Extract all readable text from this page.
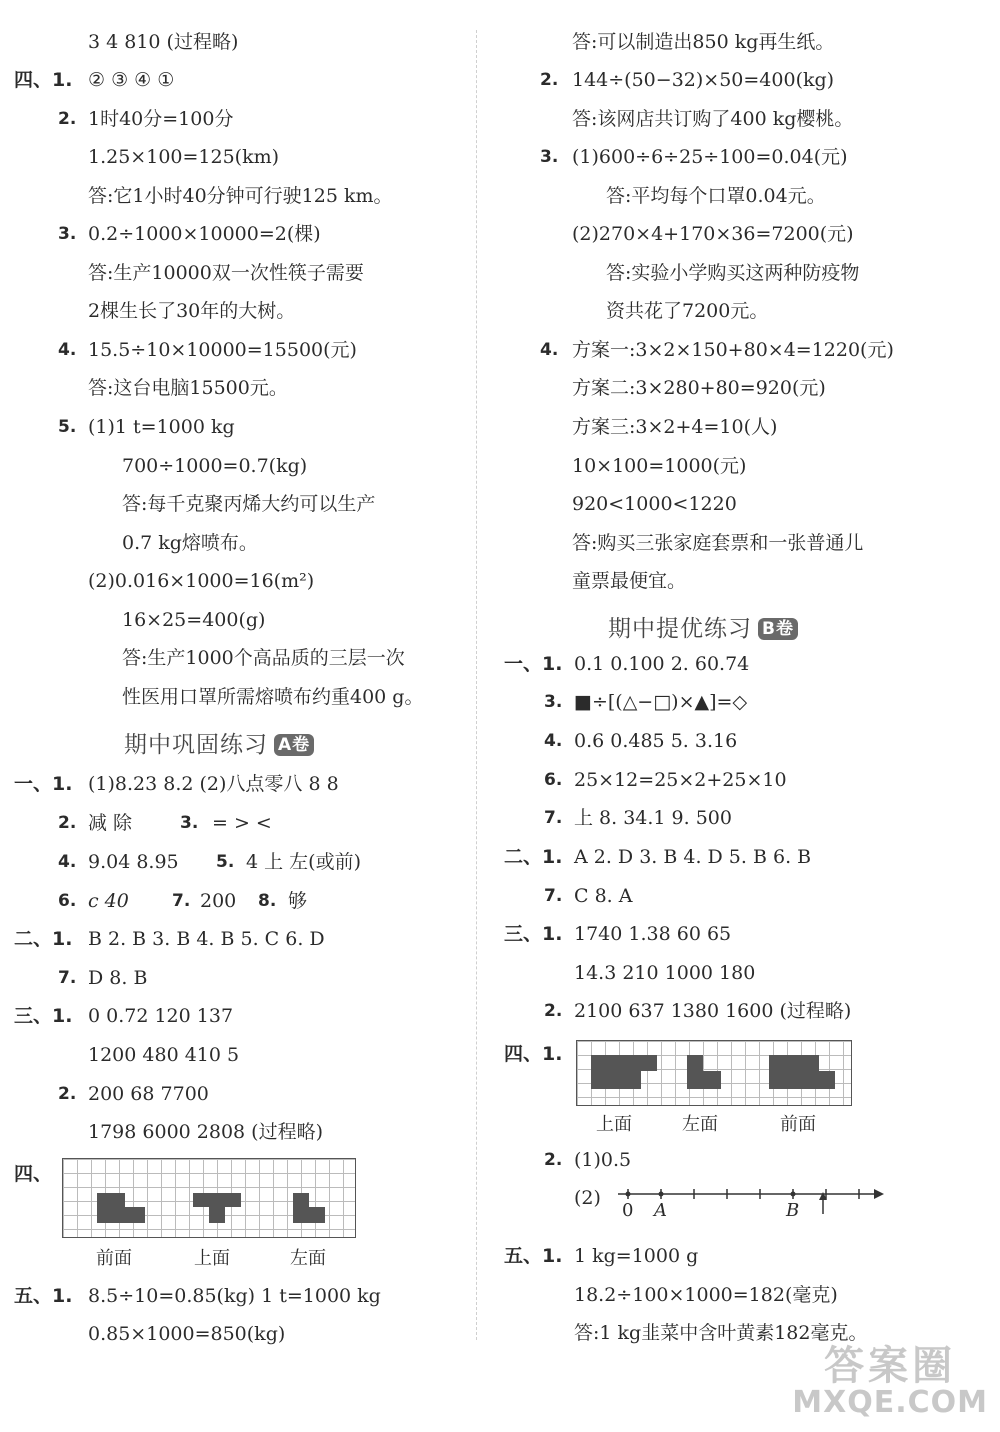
3 4 810 (过程略)
四、1. ② ③ ④ ①
2. 1时40分=100分
1.25×100=125(km)
答:它1小时40分钟可行驶125 km。
3. 0.2÷1000×10000=2(棵)
答:生产10000双一次性筷子需要
2棵生长了30年的大树。
4. 15.5÷10×10000=15500(元)
答:这台电脑15500元。
5. (1)1 t=1000 kg
700÷1000=0.7(kg)
答:每千克聚丙烯大约可以生产
0.7 kg熔喷布。
(2)0.016×1000=16(m²)
16×25=400(g)
答:生产1000个高品质的三层一次
性医用口罩所需熔喷布约重400 g。
期中巩固练习 A卷
一、1. (1)8.23 8.2 (2)八点零八 8 8
2. 减 除	3. = > <
4. 9.04 8.95 5. 4 上 左(或前)
6. c 40	7. 200 8. 够
二、1. B 2. B 3. B 4. B 5. C 6. D
7. D 8. B
三、1. 0 0.72 120 137
1200 480 410 5
2. 200 68 7700
1798 6000 2808 (过程略)
四、
前面	上面	左面
五、1. 8.5÷10=0.85(kg) 1 t=1000 kg
0.85×1000=850(kg)
答:可以制造出850 kg再生纸。
2. 144÷(50−32)×50=400(kg)
答:该网店共订购了400 kg樱桃。
3. (1)600÷6÷25÷100=0.04(元)
答:平均每个口罩0.04元。
(2)270×4+170×36=7200(元)
答:实验小学购买这两种防疫物
资共花了7200元。
4. 方案一:3×2×150+80×4=1220(元)
方案二:3×280+80=920(元)
方案三:3×2+4=10(人)
10×100=1000(元)
920<1000<1220
答:购买三张家庭套票和一张普通儿
童票最便宜。
期中提优练习 B卷
一、1. 0.1 0.100 2. 60.74
3. ■÷[(△−□)×▲]=◇
4. 0.6 0.485 5. 3.16
6. 25×12=25×2+25×10
7. 上 8. 34.1 9. 500
二、1. A 2. D 3. B 4. D 5. B 6. B
7. C 8. A
三、1. 1740 1.38 60 65
14.3 210 1000 180
2. 2100 637 1380 1600 (过程略)
四、1.
上面	左面	前面
2. (1)0.5
(2)
0 A	B
五、1. 1 kg=1000 g
18.2÷100×1000=182(毫克)
答:1 kg韭菜中含叶黄素182毫克。
答案圈
MXQE.COM
